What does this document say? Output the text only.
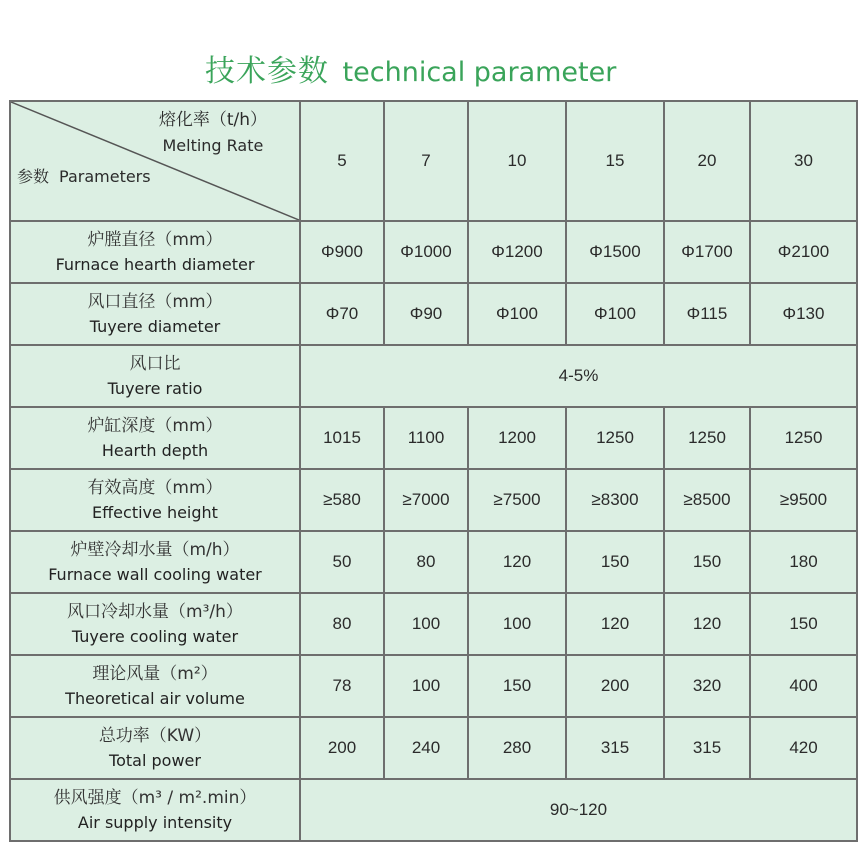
技术参数 technical parameter
熔化率（t/h）
Melting Rate
参数 Parameters	5	7	10	15	20	30

炉膛直径（mm）
Furnace hearth diameter	Φ900	Φ1000	Φ1200	Φ1500	Φ1700	Φ2100

风口直径（mm）
Tuyere diameter	Φ70	Φ90	Φ100	Φ100	Φ115	Φ130

风口比
Tuyere ratio	4-5%					

炉缸深度（mm）
Hearth depth	1015	1100	1200	1250	1250	1250

有效高度（mm）
Effective height	≥580	≥7000	≥7500	≥8300	≥8500	≥9500

炉壁冷却水量（m/h）
Furnace wall cooling water	50	80	120	150	150	180

风口冷却水量（m³/h）
Tuyere cooling water	80	100	100	120	120	150

理论风量（m²）
Theoretical air volume	78	100	150	200	320	400

总功率（KW）
Total power	200	240	280	315	315	420

供风强度（m³ / m².min）
Air supply intensity	90~120					
